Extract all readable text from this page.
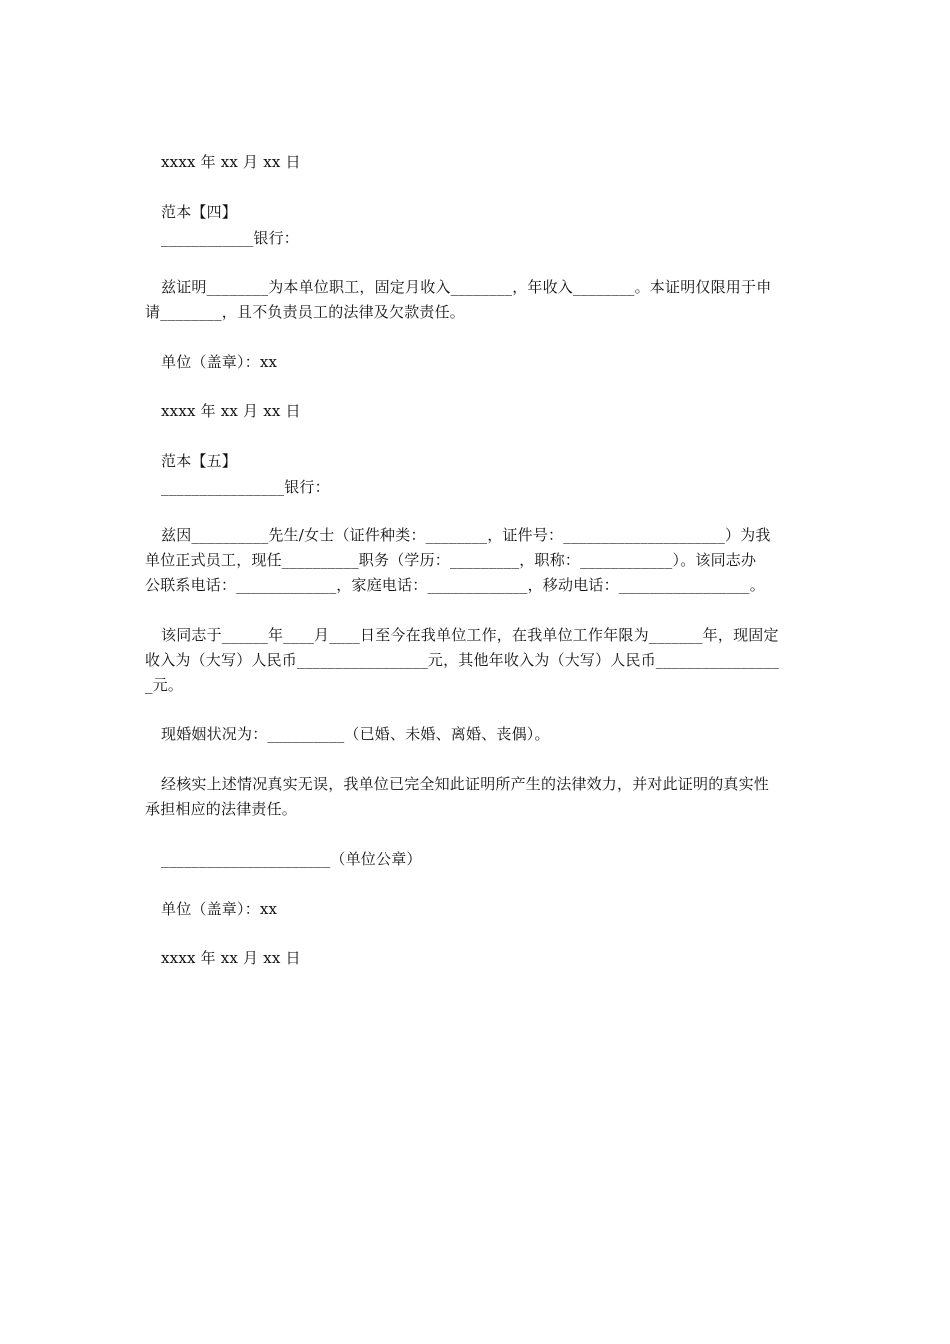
xxxx 年 xx 月 xx 日
范本【四】
____________银行：
兹证明________为本单位职工，固定月收入________，年收入________。本证明仅限用于申
请________，且不负责员工的法律及欠款责任。
单位（盖章）：xx
xxxx 年 xx 月 xx 日
范本【五】
________________银行：
兹因__________先生/女士（证件种类：________，证件号：_____________________）为我
单位正式员工，现任__________职务（学历：_________，职称：____________）。该同志办
公联系电话：_____________，家庭电话：_____________，移动电话：_________________。
该同志于______年____月____日至今在我单位工作，在我单位工作年限为_______年，现固定
收入为（大写）人民币_________________元，其他年收入为（大写）人民币________________
_元。
现婚姻状况为：__________（已婚、未婚、离婚、丧偶）。
经核实上述情况真实无误，我单位已完全知此证明所产生的法律效力，并对此证明的真实性
承担相应的法律责任。
______________________（单位公章）
单位（盖章）：xx
xxxx 年 xx 月 xx 日
